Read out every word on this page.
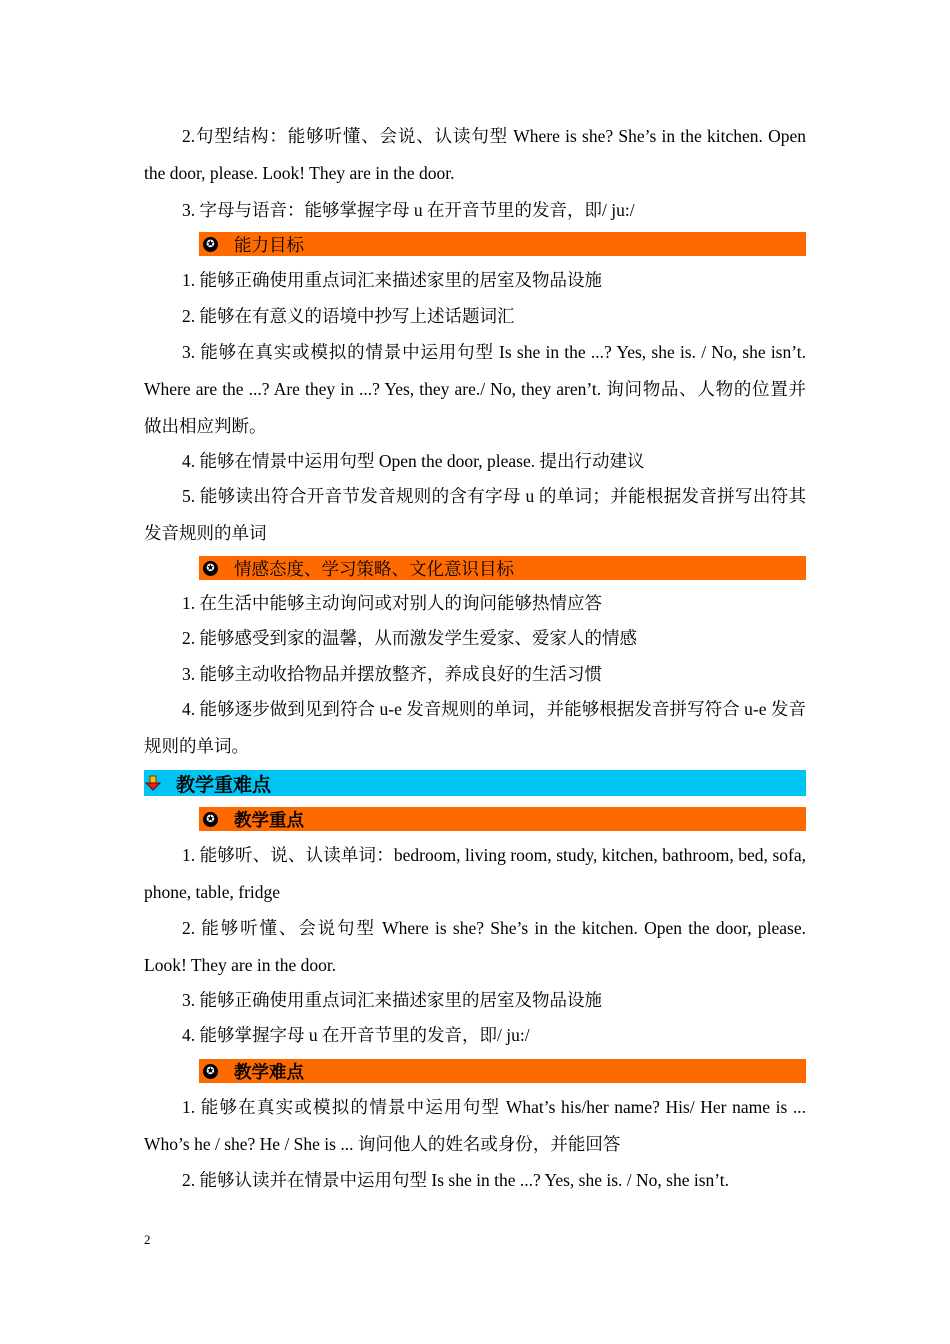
2.句型结构：能够听懂、会说、认读句型 Where is she? She’s in the kitchen. Open the door, please. Look! They are in the door.
3. 字母与语音：能够掌握字母 u 在开音节里的发音，即/ ju:/
✪ 能力目标
1. 能够正确使用重点词汇来描述家里的居室及物品设施
2. 能够在有意义的语境中抄写上述话题词汇
3. 能够在真实或模拟的情景中运用句型 Is she in the ...? Yes, she is. / No, she isn’t. Where are the ...? Are they in ...? Yes, they are./ No, they aren’t. 询问物品、人物的位置并做出相应判断。
4. 能够在情景中运用句型 Open the door, please. 提出行动建议
5. 能够读出符合开音节发音规则的含有字母 u 的单词；并能根据发音拼写出符其发音规则的单词
✪ 情感态度、学习策略、文化意识目标
1. 在生活中能够主动询问或对别人的询问能够热情应答
2. 能够感受到家的温馨，从而激发学生爱家、爱家人的情感
3. 能够主动收拾物品并摆放整齐，养成良好的生活习惯
4. 能够逐步做到见到符合 u-e 发音规则的单词，并能够根据发音拼写符合 u-e 发音规则的单词。
教学重难点
✪ 教学重点
1. 能够听、说、认读单词：bedroom, living room, study, kitchen, bathroom, bed, sofa, phone, table, fridge
2. 能够听懂、会说句型 Where is she? She’s in the kitchen. Open the door, please. Look! They are in the door.
3. 能够正确使用重点词汇来描述家里的居室及物品设施
4. 能够掌握字母 u 在开音节里的发音，即/ ju:/
✪ 教学难点
1. 能够在真实或模拟的情景中运用句型 What’s his/her name? His/ Her name is ... Who’s he / she? He / She is ... 询问他人的姓名或身份，并能回答
2. 能够认读并在情景中运用句型 Is she in the ...? Yes, she is. / No, she isn’t.
2
